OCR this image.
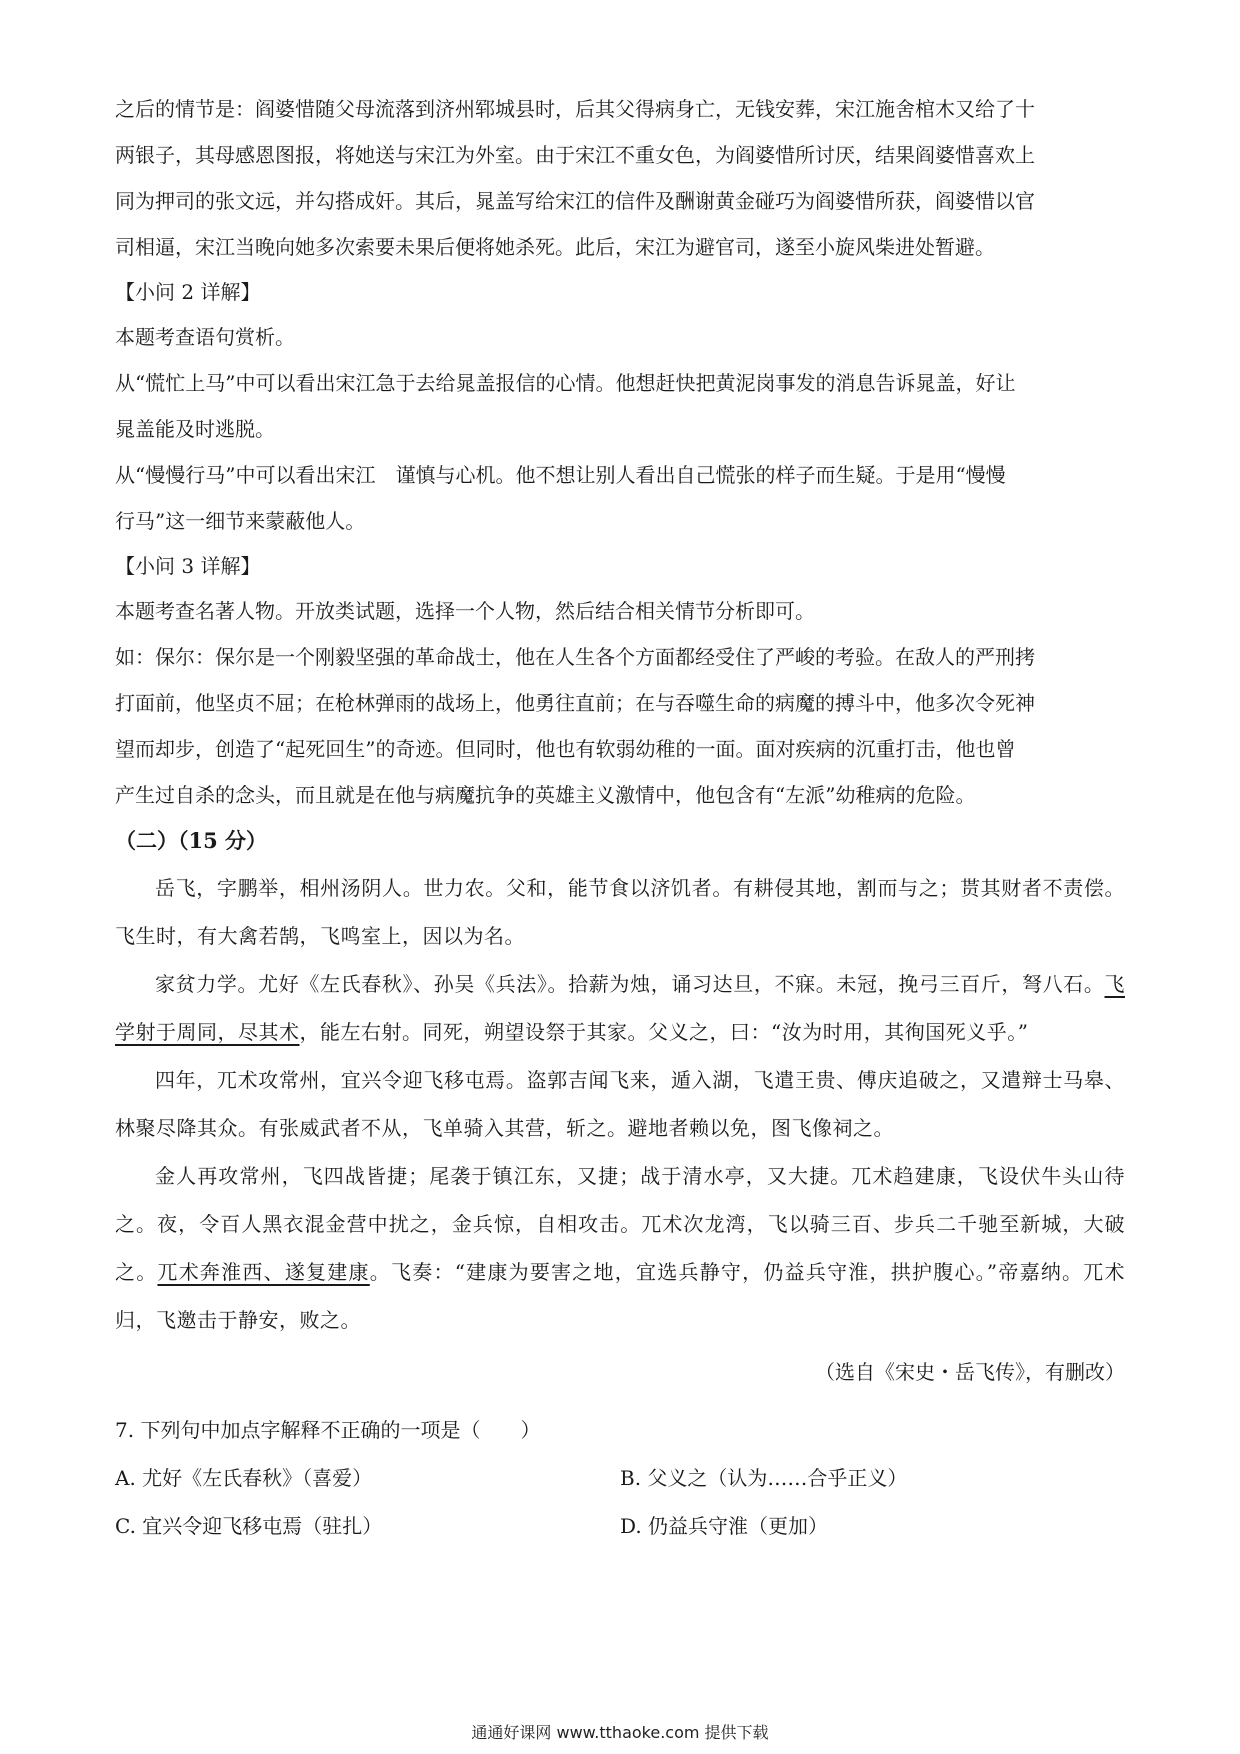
之后的情节是：阎婆惜随父母流落到济州郓城县时，后其父得病身亡，无钱安葬，宋江施舍棺木又给了十

两银子，其母感恩图报，将她送与宋江为外室。由于宋江不重女色，为阎婆惜所讨厌，结果阎婆惜喜欢上

同为押司的张文远，并勾搭成奸。其后，晁盖写给宋江的信件及酬谢黄金碰巧为阎婆惜所获，阎婆惜以官

司相逼，宋江当晚向她多次索要未果后便将她杀死。此后，宋江为避官司，遂至小旋风柴进处暂避。

【小问 2 详解】

本题考查语句赏析。

从“慌忙上马”中可以看出宋江急于去给晁盖报信的心情。他想赶快把黄泥岗事发的消息告诉晁盖，好让

晁盖能及时逃脱。

从“慢慢行马”中可以看出宋江　谨慎与心机。他不想让别人看出自己慌张的样子而生疑。于是用“慢慢

行马”这一细节来蒙蔽他人。

【小问 3 详解】

本题考查名著人物。开放类试题，选择一个人物，然后结合相关情节分析即可。

如：保尔：保尔是一个刚毅坚强的革命战士，他在人生各个方面都经受住了严峻的考验。在敌人的严刑拷

打面前，他坚贞不屈；在枪林弹雨的战场上，他勇往直前；在与吞噬生命的病魔的搏斗中，他多次令死神

望而却步，创造了“起死回生”的奇迹。但同时，他也有软弱幼稚的一面。面对疾病的沉重打击，他也曾

产生过自杀的念头，而且就是在他与病魔抗争的英雄主义激情中，他包含有“左派”幼稚病的危险。

（二）（15 分）

岳飞，字鹏举，相州汤阴人。世力农。父和，能节食以济饥者。有耕侵其地，割而与之；贳其财者不责偿。飞生时，有大禽若鹄，飞鸣室上，因以为名。

家贫力学。尤好《左氏春秋》、孙吴《兵法》。拾薪为烛，诵习达旦，不寐。未冠，挽弓三百斤，弩八石。飞学射于周同，尽其术，能左右射。同死，朔望设祭于其家。父义之，曰：“汝为时用，其徇国死义乎。”

四年，兀术攻常州，宜兴令迎飞移屯焉。盗郭吉闻飞来，遁入湖，飞遣王贵、傅庆追破之，又遣辩士马皋、林聚尽降其众。有张威武者不从，飞单骑入其营，斩之。避地者赖以免，图飞像祠之。

金人再攻常州，飞四战皆捷；尾袭于镇江东，又捷；战于清水亭，又大捷。兀术趋建康，飞设伏牛头山待之。夜，令百人黑衣混金营中扰之，金兵惊，自相攻击。兀术次龙湾，飞以骑三百、步兵二千驰至新城，大破之。兀术奔淮西、遂复建康。飞奏：“建康为要害之地，宜选兵静守，仍益兵守淮，拱护腹心。”帝嘉纳。兀术归，飞邀击于静安，败之。

（选自《宋史・岳飞传》，有删改）

7. 下列句中加点字解释不正确的一项是（　　）

A. 尤好《左氏春秋》（喜爱）	B. 父义之（认为……合乎正义）
C. 宜兴令迎飞移屯焉（驻扎）	D. 仍益兵守淮（更加）
通通好课网 www.tthaoke.com 提供下载
